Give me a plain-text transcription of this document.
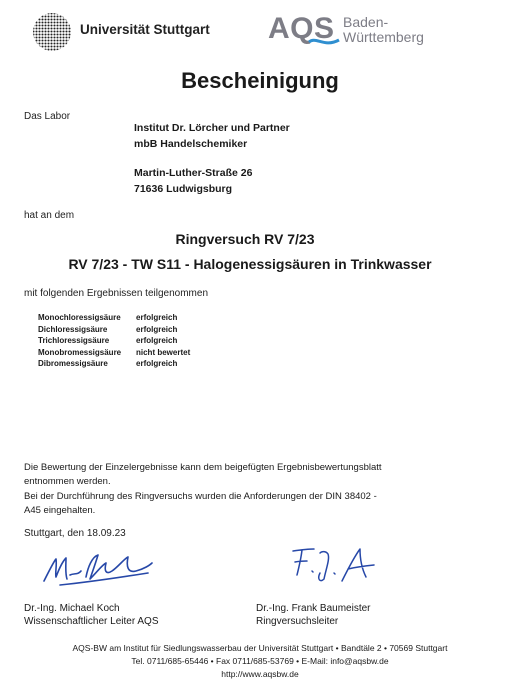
Universität Stuttgart AQS Baden-
Württemberg
Bescheinigung
Das Labor
Institut Dr. Lörcher und Partner
mbB Handelschemiker
Martin-Luther-Straße 26
71636 Ludwigsburg
hat an dem
Ringversuch RV 7/23
RV 7/23 - TW S11 - Halogenessigsäuren in Trinkwasser
mit folgenden Ergebnissen teilgenommen
Monochloressigsäure erfolgreich
Dichloressigsäure	erfolgreich
Trichloressigsäure	erfolgreich
Monobromessigsäure nicht bewertet
Dibromessigsäure	erfolgreich
Die Bewertung der Einzelergebnisse kann dem beigefügten Ergebnisbewertungsblatt
entnommen werden.
Bei der Durchführung des Ringversuchs wurden die Anforderungen der DIN 38402 -
A45 eingehalten.
Stuttgart, den 18.09.23
Dr.-Ing. Michael Koch
Wissenschaftlicher Leiter AQS
Dr.-Ing. Frank Baumeister
Ringversuchsleiter
AQS-BW am Institut für Siedlungswasserbau der Universität Stuttgart • Bandtäle 2 • 70569 Stuttgart
Tel. 0711/685-65446 • Fax 0711/685-53769 • E-Mail: info@aqsbw.de
http://www.aqsbw.de
